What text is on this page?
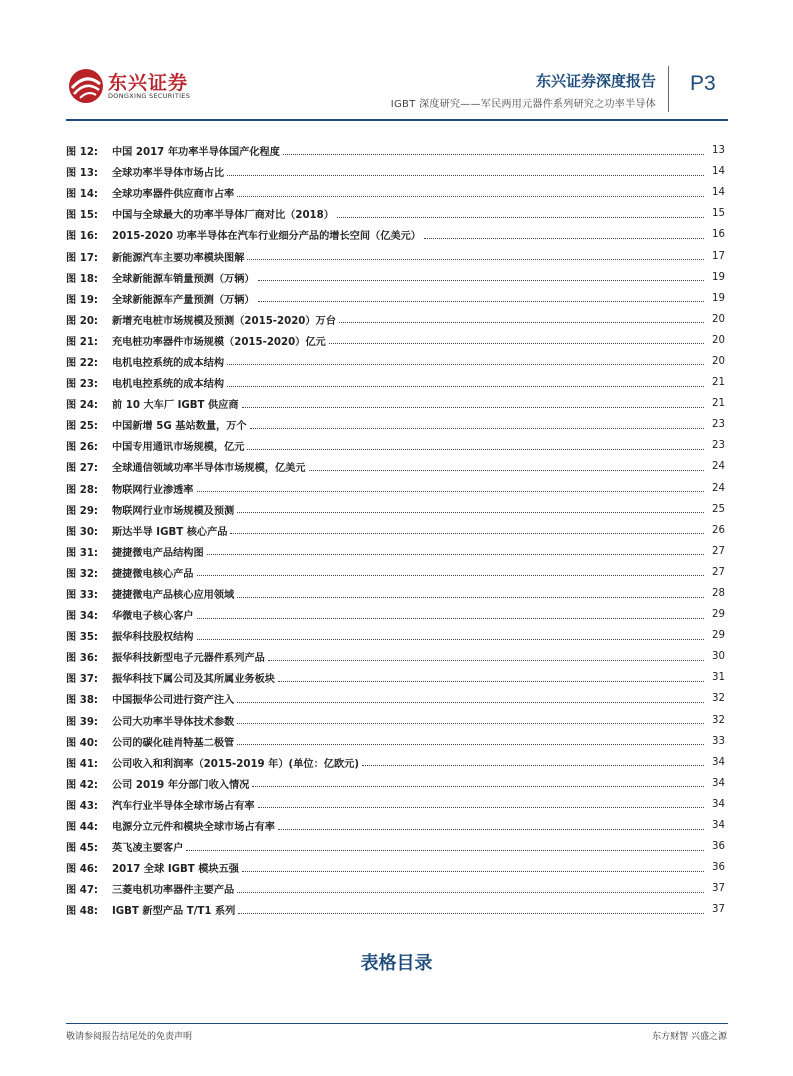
东兴证券
DONGXING SECURITIES
东兴证券深度报告
IGBT 深度研究——军民两用元器件系列研究之功率半导体
P3
图 12:	中国 2017 年功率半导体国产化程度	13
图 13:	全球功率半导体市场占比	14
图 14:	全球功率器件供应商市占率	14
图 15:	中国与全球最大的功率半导体厂商对比（2018）	15
图 16:	2015-2020 功率半导体在汽车行业细分产品的增长空间（亿美元）	16
图 17:	新能源汽车主要功率模块图解	17
图 18:	全球新能源车销量预测（万辆）	19
图 19:	全球新能源车产量预测（万辆）	19
图 20:	新增充电桩市场规模及预测（2015-2020）万台	20
图 21:	充电桩功率器件市场规模（2015-2020）亿元	20
图 22:	电机电控系统的成本结构	20
图 23:	电机电控系统的成本结构	21
图 24:	前 10 大车厂 IGBT 供应商	21
图 25:	中国新增 5G 基站数量，万个	23
图 26:	中国专用通讯市场规模，亿元	23
图 27:	全球通信领域功率半导体市场规模，亿美元	24
图 28:	物联网行业渗透率	24
图 29:	物联网行业市场规模及预测	25
图 30:	斯达半导 IGBT 核心产品	26
图 31:	捷捷微电产品结构图	27
图 32:	捷捷微电核心产品	27
图 33:	捷捷微电产品核心应用领域	28
图 34:	华微电子核心客户	29
图 35:	振华科技股权结构	29
图 36:	振华科技新型电子元器件系列产品	30
图 37:	振华科技下属公司及其所属业务板块	31
图 38:	中国振华公司进行资产注入	32
图 39:	公司大功率半导体技术参数	32
图 40:	公司的碳化硅肖特基二极管	33
图 41:	公司收入和利润率（2015-2019 年）(单位：亿欧元)	34
图 42:	公司 2019 年分部门收入情况	34
图 43:	汽车行业半导体全球市场占有率	34
图 44:	电源分立元件和模块全球市场占有率	34
图 45:	英飞凌主要客户	36
图 46:	2017 全球 IGBT 模块五强	36
图 47:	三菱电机功率器件主要产品	37
图 48:	IGBT 新型产品 T/T1 系列	37
表格目录
敬请参阅报告结尾处的免责声明	东方财智 兴盛之源
